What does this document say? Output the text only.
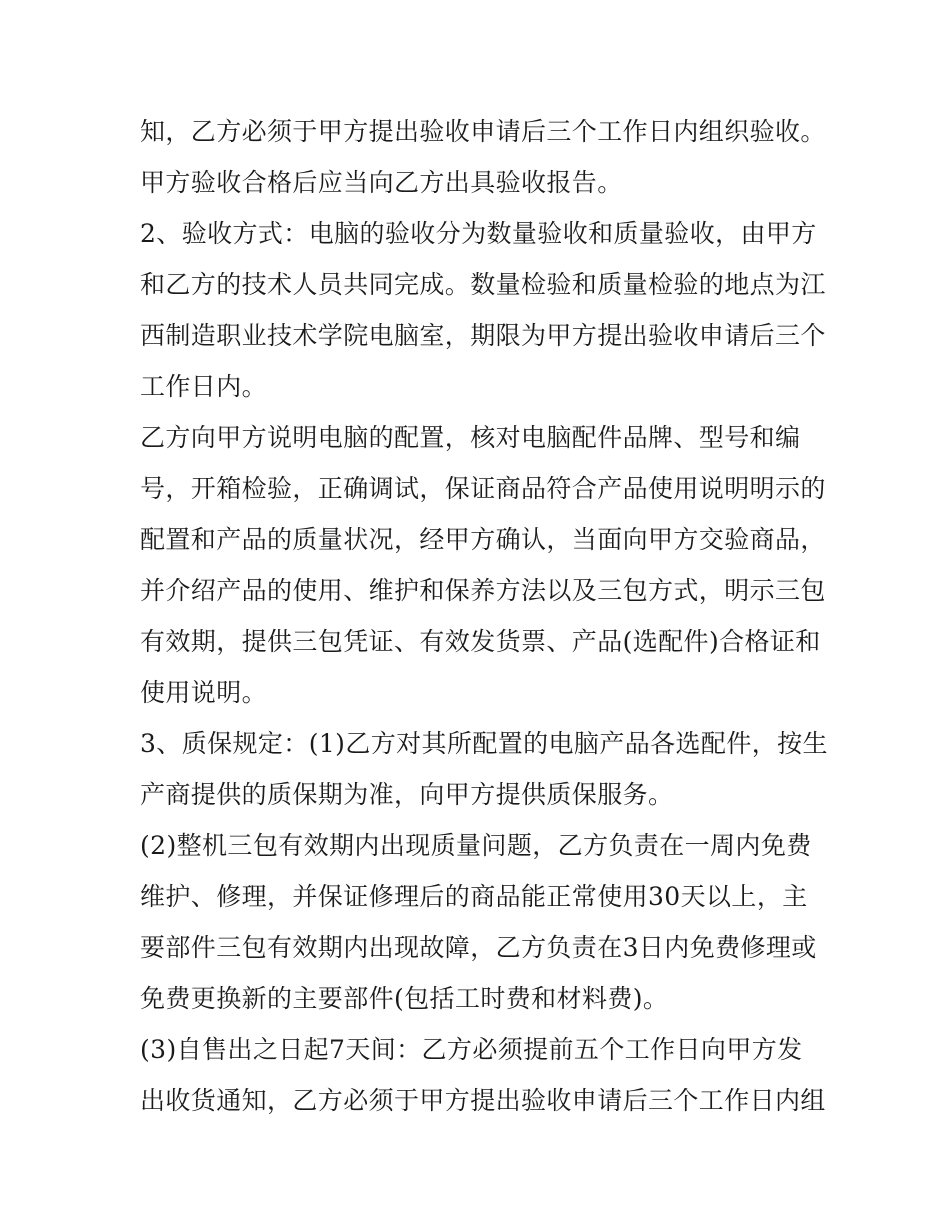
知，乙方必须于甲方提出验收申请后三个工作日内组织验收。
甲方验收合格后应当向乙方出具验收报告。
2、验收方式：电脑的验收分为数量验收和质量验收，由甲方
和乙方的技术人员共同完成。数量检验和质量检验的地点为江
西制造职业技术学院电脑室，期限为甲方提出验收申请后三个
工作日内。
乙方向甲方说明电脑的配置，核对电脑配件品牌、型号和编
号，开箱检验，正确调试，保证商品符合产品使用说明明示的
配置和产品的质量状况，经甲方确认，当面向甲方交验商品，
并介绍产品的使用、维护和保养方法以及三包方式，明示三包
有效期，提供三包凭证、有效发货票、产品(选配件)合格证和
使用说明。
3、质保规定：(1)乙方对其所配置的电脑产品各选配件，按生
产商提供的质保期为准，向甲方提供质保服务。
(2)整机三包有效期内出现质量问题，乙方负责在一周内免费
维护、修理，并保证修理后的商品能正常使用30天以上，主
要部件三包有效期内出现故障，乙方负责在3日内免费修理或
免费更换新的主要部件(包括工时费和材料费)。
(3)自售出之日起7天间：乙方必须提前五个工作日向甲方发
出收货通知，乙方必须于甲方提出验收申请后三个工作日内组
